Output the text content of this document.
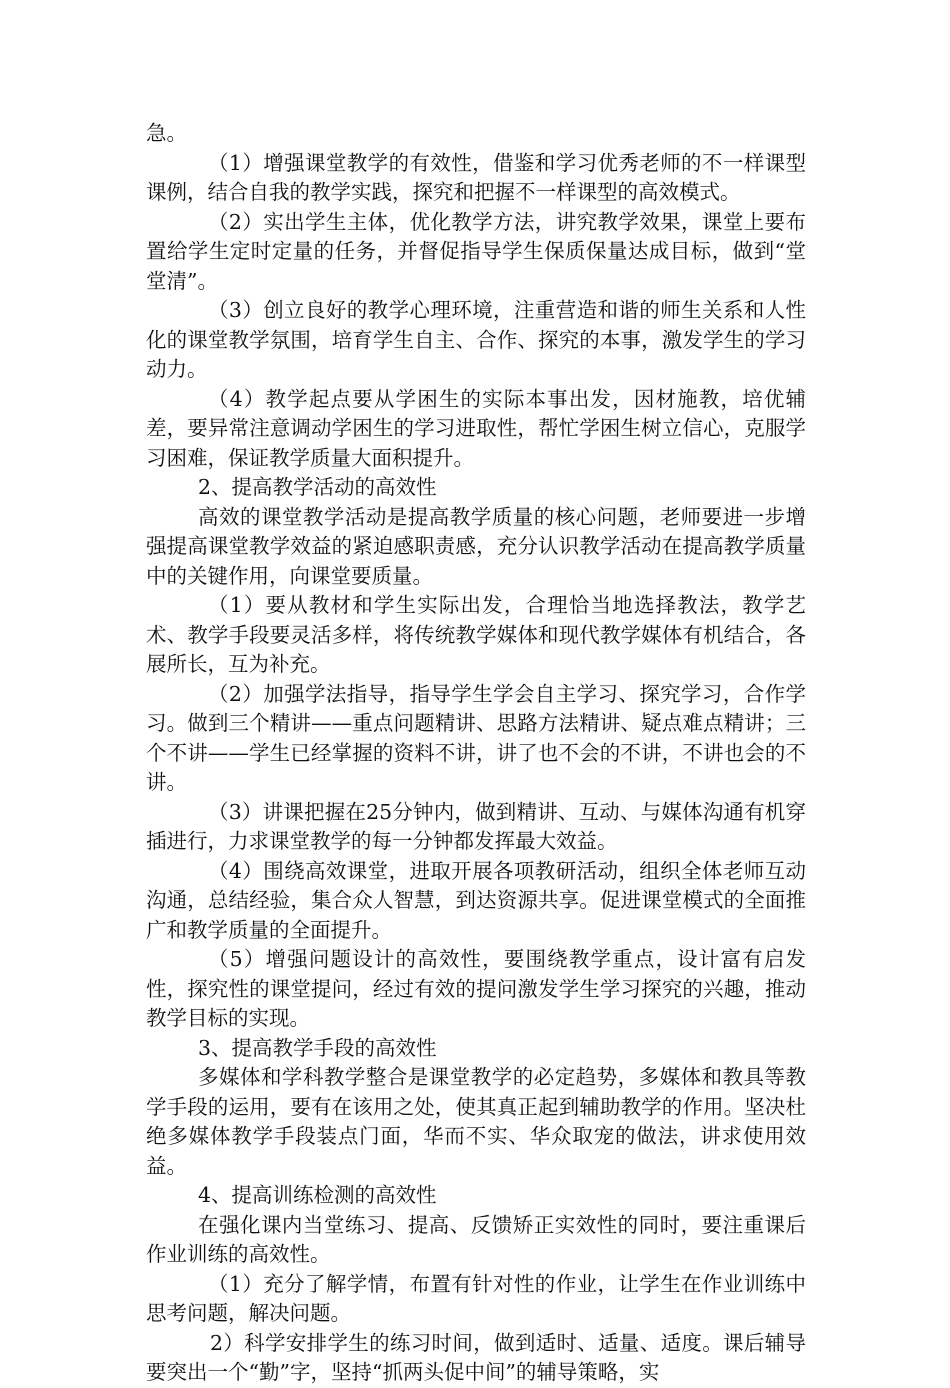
急。

（1）增强课堂教学的有效性，借鉴和学习优秀老师的不一样课型课例，结合自我的教学实践，探究和把握不一样课型的高效模式。

（2）实出学生主体，优化教学方法，讲究教学效果，课堂上要布置给学生定时定量的任务，并督促指导学生保质保量达成目标，做到“堂堂清”。

（3）创立良好的教学心理环境，注重营造和谐的师生关系和人性化的课堂教学氛围，培育学生自主、合作、探究的本事，激发学生的学习动力。

（4）教学起点要从学困生的实际本事出发，因材施教，培优辅差，要异常注意调动学困生的学习进取性，帮忙学困生树立信心，克服学习困难，保证教学质量大面积提升。

2、提高教学活动的高效性

高效的课堂教学活动是提高教学质量的核心问题，老师要进一步增强提高课堂教学效益的紧迫感职责感，充分认识教学活动在提高教学质量中的关键作用，向课堂要质量。

（1）要从教材和学生实际出发，合理恰当地选择教法，教学艺术、教学手段要灵活多样，将传统教学媒体和现代教学媒体有机结合，各展所长，互为补充。

（2）加强学法指导，指导学生学会自主学习、探究学习，合作学习。做到三个精讲——重点问题精讲、思路方法精讲、疑点难点精讲；三个不讲——学生已经掌握的资料不讲，讲了也不会的不讲，不讲也会的不讲。

（3）讲课把握在25分钟内，做到精讲、互动、与媒体沟通有机穿插进行，力求课堂教学的每一分钟都发挥最大效益。

（4）围绕高效课堂，进取开展各项教研活动，组织全体老师互动沟通，总结经验，集合众人智慧，到达资源共享。促进课堂模式的全面推广和教学质量的全面提升。

（5）增强问题设计的高效性，要围绕教学重点，设计富有启发性，探究性的课堂提问，经过有效的提问激发学生学习探究的兴趣，推动教学目标的实现。

3、提高教学手段的高效性

多媒体和学科教学整合是课堂教学的必定趋势，多媒体和教具等教学手段的运用，要有在该用之处，使其真正起到辅助教学的作用。坚决杜绝多媒体教学手段装点门面，华而不实、华众取宠的做法，讲求使用效益。

4、提高训练检测的高效性

在强化课内当堂练习、提高、反馈矫正实效性的同时，要注重课后作业训练的高效性。

（1）充分了解学情，布置有针对性的作业，让学生在作业训练中思考问题，解决问题。

2）科学安排学生的练习时间，做到适时、适量、适度。课后辅导要突出一个“勤”字，坚持“抓两头促中间”的辅导策略，实
